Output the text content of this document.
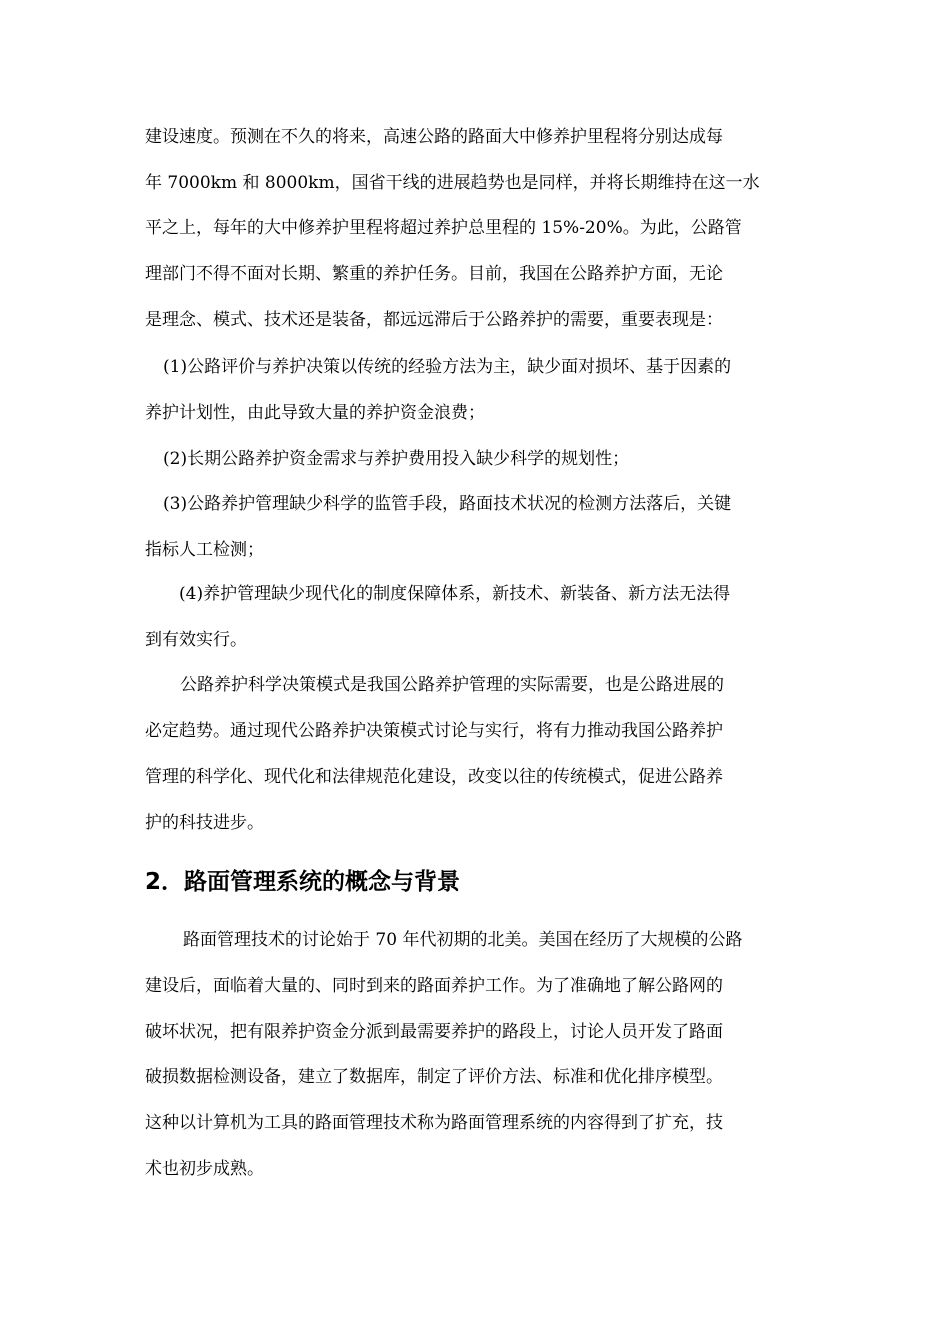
建设速度。预测在不久的将来，高速公路的路面大中修养护里程将分别达成每
年 7000km 和 8000km，国省干线的进展趋势也是同样，并将长期维持在这一水
平之上，每年的大中修养护里程将超过养护总里程的 15%-20%。为此，公路管
理部门不得不面对长期、繁重的养护任务。目前，我国在公路养护方面，无论
是理念、模式、技术还是装备，都远远滞后于公路养护的需要，重要表现是：
(1)公路评价与养护决策以传统的经验方法为主，缺少面对损坏、基于因素的
养护计划性，由此导致大量的养护资金浪费；
(2)长期公路养护资金需求与养护费用投入缺少科学的规划性；
(3)公路养护管理缺少科学的监管手段，路面技术状况的检测方法落后，关键
指标人工检测；
(4)养护管理缺少现代化的制度保障体系，新技术、新装备、新方法无法得
到有效实行。
公路养护科学决策模式是我国公路养护管理的实际需要，也是公路进展的
必定趋势。通过现代公路养护决策模式讨论与实行，将有力推动我国公路养护
管理的科学化、现代化和法律规范化建设，改变以往的传统模式，促进公路养
护的科技进步。
2．路面管理系统的概念与背景
路面管理技术的讨论始于 70 年代初期的北美。美国在经历了大规模的公路
建设后，面临着大量的、同时到来的路面养护工作。为了准确地了解公路网的
破坏状况，把有限养护资金分派到最需要养护的路段上，讨论人员开发了路面
破损数据检测设备，建立了数据库，制定了评价方法、标准和优化排序模型。
这种以计算机为工具的路面管理技术称为路面管理系统的内容得到了扩充，技
术也初步成熟。
